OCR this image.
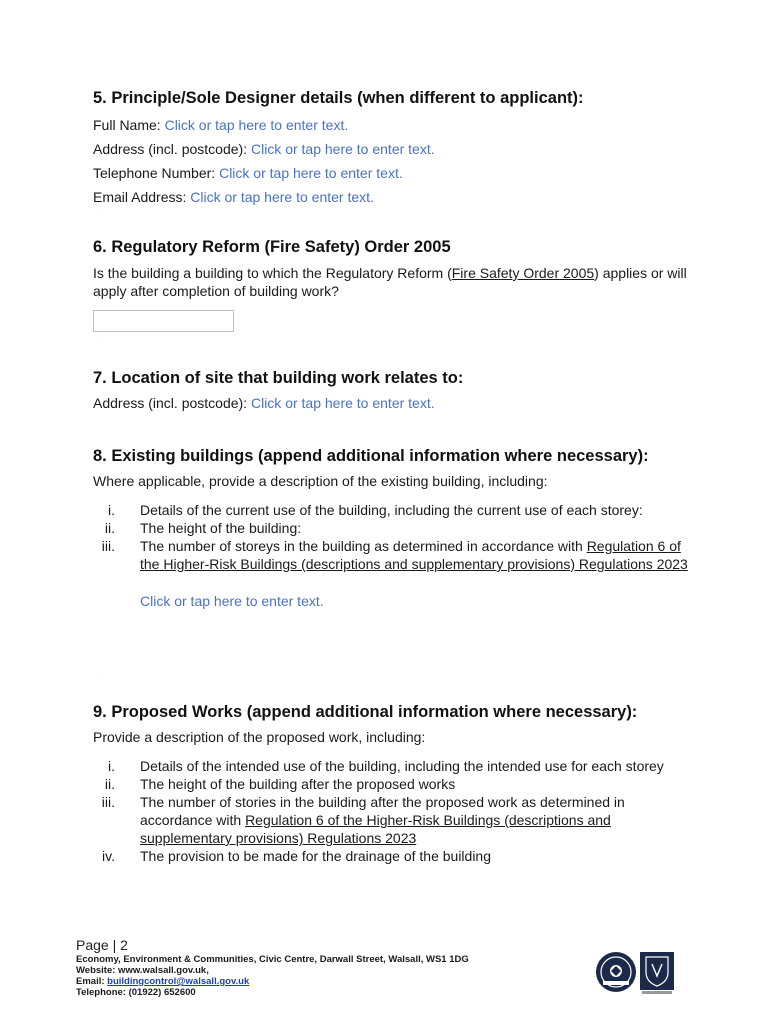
5. Principle/Sole Designer details (when different to applicant):
Full Name: Click or tap here to enter text.
Address (incl. postcode): Click or tap here to enter text.
Telephone Number: Click or tap here to enter text.
Email Address: Click or tap here to enter text.
.
6. Regulatory Reform (Fire Safety) Order 2005
Is the building a building to which the Regulatory Reform (Fire Safety Order 2005) applies or will apply after completion of building work?
.
7. Location of site that building work relates to:
Address (incl. postcode): Click or tap here to enter text.
8. Existing buildings (append additional information where necessary):
Where applicable, provide a description of the existing building, including:
i. Details of the current use of the building, including the current use of each storey:
ii. The height of the building:
iii. The number of storeys in the building as determined in accordance with Regulation 6 of the Higher-Risk Buildings (descriptions and supplementary provisions) Regulations 2023
Click or tap here to enter text.
.
9. Proposed Works (append additional information where necessary):
Provide a description of the proposed work, including:
i. Details of the intended use of the building, including the intended use for each storey
ii. The height of the building after the proposed works
iii. The number of stories in the building after the proposed work as determined in accordance with Regulation 6 of the Higher-Risk Buildings (descriptions and supplementary provisions) Regulations 2023
iv. The provision to be made for the drainage of the building
Page | 2
Economy, Environment & Communities, Civic Centre, Darwall Street, Walsall, WS1 1DG
Website: www.walsall.gov.uk,
Email: buildingcontrol@walsall.gov.uk
Telephone: (01922) 652600
